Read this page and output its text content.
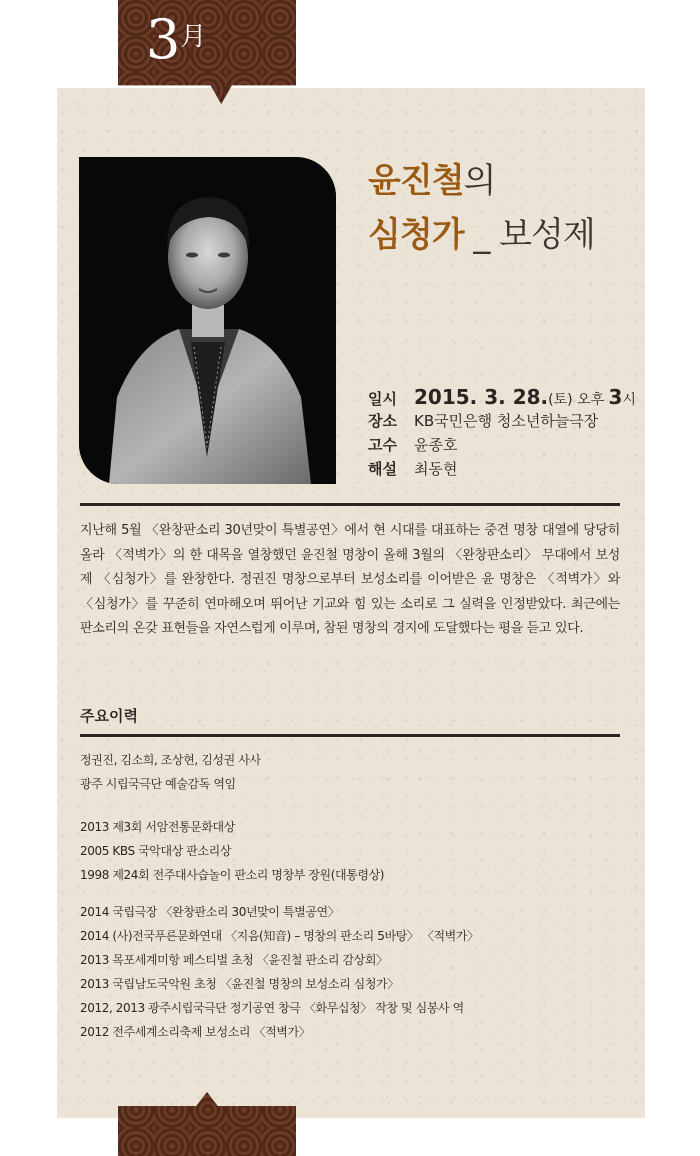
3月
윤진철의
심청가 _ 보성제
일시 2015. 3. 28.(토) 오후 3시
장소	KB국민은행 청소년하늘극장
고수	윤종호
해설	최동현

지난해 5월 〈완창판소리 30년맞이 특별공연〉에서 현 시대를 대표하는 중견 명창 대열에 당당히 올라 〈적벽가〉의 한 대목을 열창했던 윤진철 명창이 올해 3월의 〈완창판소리〉 무대에서 보성제 〈심청가〉를 완창한다. 정권진 명창으로부터 보성소리를 이어받은 윤 명창은 〈적벽가〉와 〈심청가〉를 꾸준히 연마해오며 뛰어난 기교와 힘 있는 소리로 그 실력을 인정받았다. 최근에는 판소리의 온갖 표현들을 자연스럽게 이루며, 참된 명창의 경지에 도달했다는 평을 듣고 있다.

주요이력
정권진, 김소희, 조상현, 김성권 사사
광주 시립국극단 예술감독 역임
2013 제3회 서암전통문화대상
2005 KBS 국악대상 판소리상
1998 제24회 전주대사습놀이 판소리 명창부 장원(대통령상)
2014 국립극장 〈완창판소리 30년맞이 특별공연〉
2014 (사)전국푸른문화연대 〈지음(知音) – 명창의 판소리 5바탕〉 〈적벽가〉
2013 목포세계미항 페스티벌 초청 〈윤진철 판소리 감상회〉
2013 국립남도국악원 초청 〈윤진철 명창의 보성소리 심청가〉
2012, 2013 광주시립국극단 정기공연 창극 〈화무십청〉 작창 및 심봉사 역
2012 전주세계소리축제 보성소리 〈적벽가〉
